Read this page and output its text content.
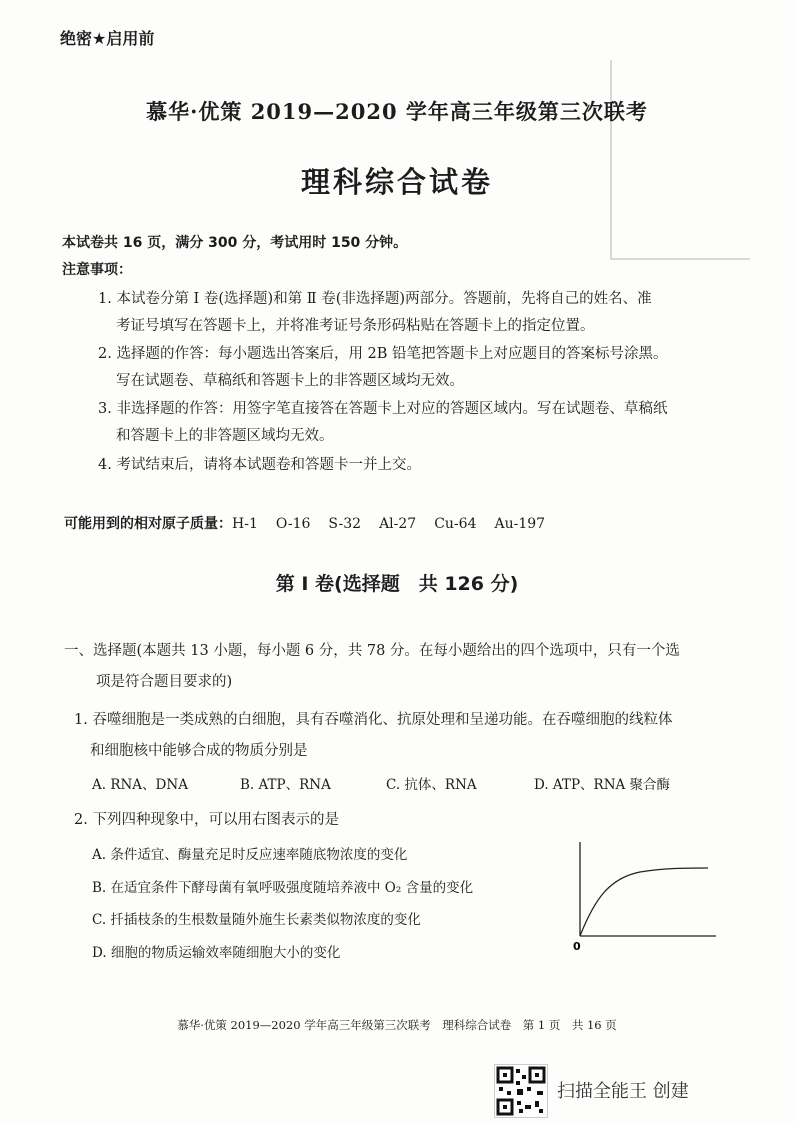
绝密★启用前
慕华·优策 2019—2020 学年高三年级第三次联考
理科综合试卷
本试卷共 16 页，满分 300 分，考试用时 150 分钟。
注意事项：
1. 本试卷分第 Ⅰ 卷(选择题)和第 Ⅱ 卷(非选择题)两部分。答题前，先将自己的姓名、准
考证号填写在答题卡上，并将准考证号条形码粘贴在答题卡上的指定位置。
2. 选择题的作答：每小题选出答案后，用 2B 铅笔把答题卡上对应题目的答案标号涂黑。
写在试题卷、草稿纸和答题卡上的非答题区域均无效。
3. 非选择题的作答：用签字笔直接答在答题卡上对应的答题区域内。写在试题卷、草稿纸
和答题卡上的非答题区域均无效。
4. 考试结束后，请将本试题卷和答题卡一并上交。
可能用到的相对原子质量：H-1 O-16 S-32 Al-27 Cu-64 Au-197
第 Ⅰ 卷(选择题　共 126 分)
一、选择题(本题共 13 小题，每小题 6 分，共 78 分。在每小题给出的四个选项中，只有一个选
项是符合题目要求的)
1. 吞噬细胞是一类成熟的白细胞，具有吞噬消化、抗原处理和呈递功能。在吞噬细胞的线粒体
和细胞核中能够合成的物质分别是
A. RNA、DNA	B. ATP、RNA	C. 抗体、RNA	D. ATP、RNA 聚合酶
2. 下列四种现象中，可以用右图表示的是
A. 条件适宜、酶量充足时反应速率随底物浓度的变化
B. 在适宜条件下酵母菌有氧呼吸强度随培养液中 O₂ 含量的变化
C. 扦插枝条的生根数量随外施生长素类似物浓度的变化
D. 细胞的物质运输效率随细胞大小的变化	0
慕华·优策 2019—2020 学年高三年级第三次联考　理科综合试卷　第 1 页　共 16 页
扫描全能王 创建
